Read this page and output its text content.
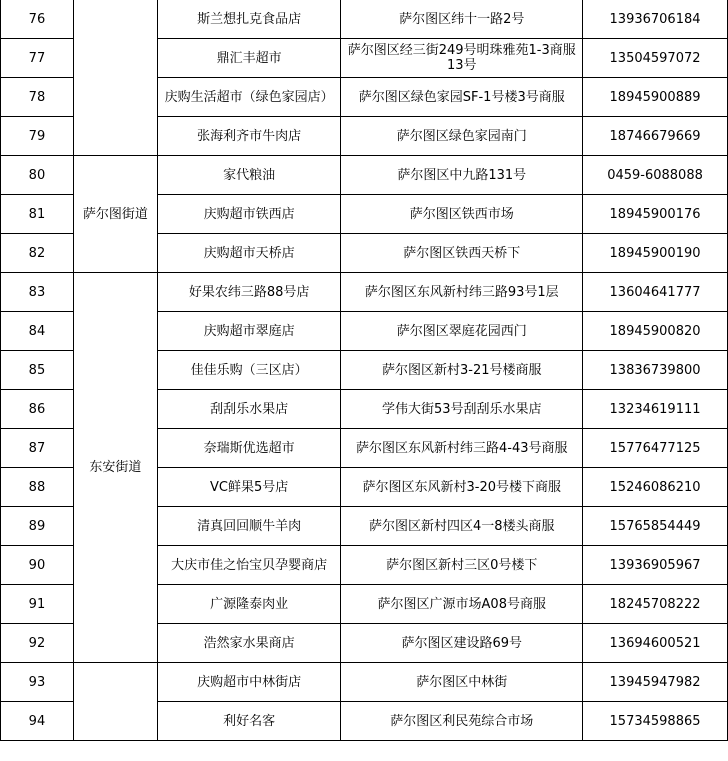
76		斯兰想扎克食品店	萨尔图区纬十一路2号	13936706184
77		鼎汇丰超市	萨尔图区经三街249号明珠雅苑1-3商服13号	13504597072
78		庆购生活超市（绿色家园店）	萨尔图区绿色家园SF-1号楼3号商服	18945900889
79		张海利齐市牛肉店	萨尔图区绿色家园南门	18746679669
80	萨尔图街道	家代粮油	萨尔图区中九路131号	0459-6088088
81		庆购超市铁西店	萨尔图区铁西市场	18945900176
82		庆购超市天桥店	萨尔图区铁西天桥下	18945900190
83	东安街道	好果农纬三路88号店	萨尔图区东风新村纬三路93号1层	13604641777
84		庆购超市翠庭店	萨尔图区翠庭花园西门	18945900820
85		佳佳乐购（三区店）	萨尔图区新村3-21号楼商服	13836739800
86		刮刮乐水果店	学伟大街53号刮刮乐水果店	13234619111
87		奈瑞斯优选超市	萨尔图区东风新村纬三路4-43号商服	15776477125
88		VC鲜果5号店	萨尔图区东风新村3-20号楼下商服	15246086210
89		清真回回顺牛羊肉	萨尔图区新村四区4一8楼头商服	15765854449
90		大庆市佳之怡宝贝孕婴商店	萨尔图区新村三区0号楼下	13936905967
91		广源隆泰肉业	萨尔图区广源市场A08号商服	18245708222
92		浩然家水果商店	萨尔图区建设路69号	13694600521
93		庆购超市中林街店	萨尔图区中林街	13945947982
94		利好名客	萨尔图区利民苑综合市场	15734598865
